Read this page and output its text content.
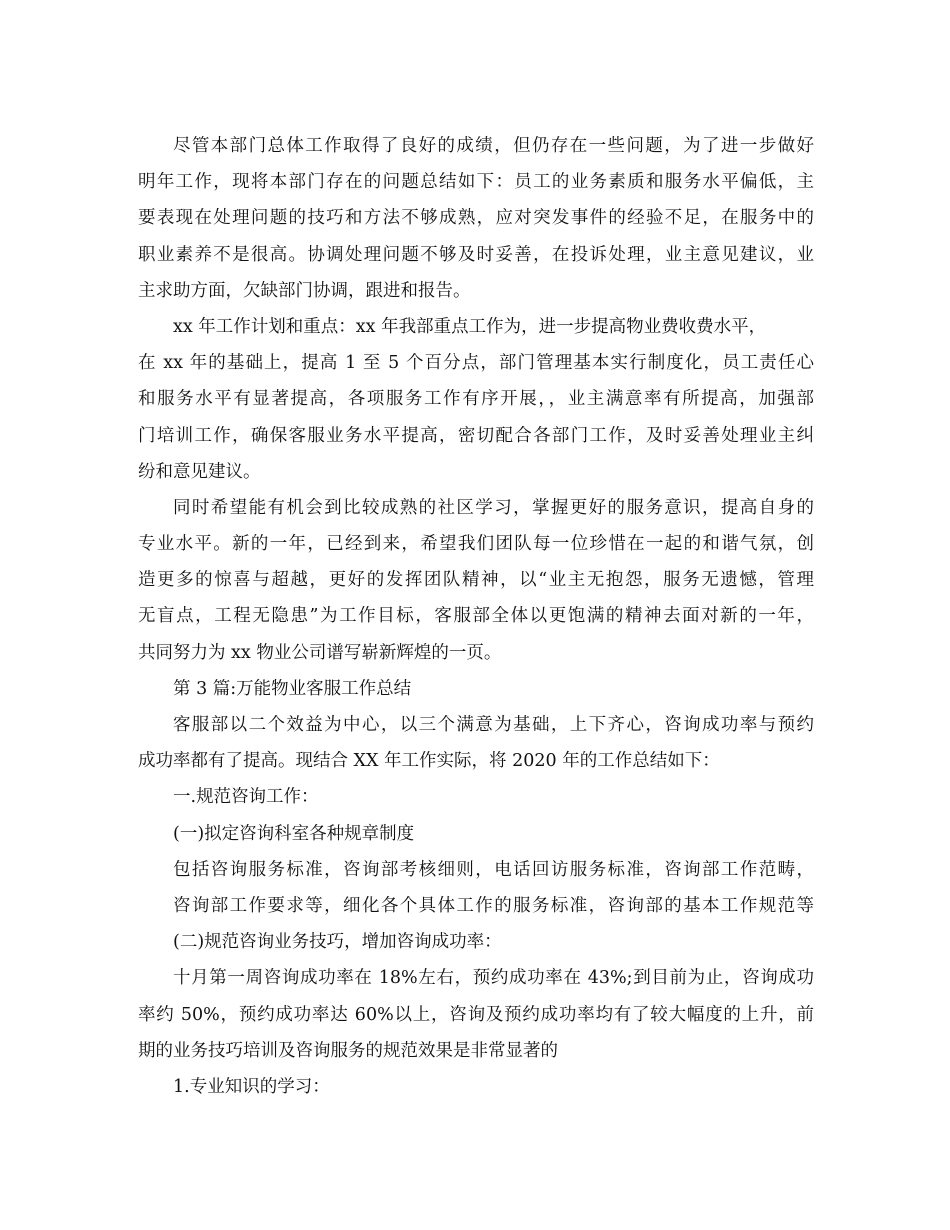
尽管本部门总体工作取得了良好的成绩，但仍存在一些问题，为了进一步做好
明年工作，现将本部门存在的问题总结如下：员工的业务素质和服务水平偏低，主
要表现在处理问题的技巧和方法不够成熟，应对突发事件的经验不足，在服务中的
职业素养不是很高。协调处理问题不够及时妥善，在投诉处理，业主意见建议，业
主求助方面，欠缺部门协调，跟进和报告。
xx 年工作计划和重点：xx 年我部重点工作为，进一步提高物业费收费水平，
在 xx 年的基础上，提高 1 至 5 个百分点，部门管理基本实行制度化，员工责任心
和服务水平有显著提高，各项服务工作有序开展，，业主满意率有所提高，加强部
门培训工作，确保客服业务水平提高，密切配合各部门工作，及时妥善处理业主纠
纷和意见建议。
同时希望能有机会到比较成熟的社区学习，掌握更好的服务意识，提高自身的
专业水平。新的一年，已经到来，希望我们团队每一位珍惜在一起的和谐气氛，创
造更多的惊喜与超越，更好的发挥团队精神，以“业主无抱怨，服务无遗憾，管理
无盲点，工程无隐患”为工作目标，客服部全体以更饱满的精神去面对新的一年，
共同努力为 xx 物业公司谱写崭新辉煌的一页。
第 3 篇:万能物业客服工作总结
客服部以二个效益为中心，以三个满意为基础，上下齐心，咨询成功率与预约
成功率都有了提高。现结合 XX 年工作实际，将 2020 年的工作总结如下：
一.规范咨询工作：
(一)拟定咨询科室各种规章制度
包括咨询服务标准，咨询部考核细则，电话回访服务标准，咨询部工作范畴，
咨询部工作要求等，细化各个具体工作的服务标准，咨询部的基本工作规范等
(二)规范咨询业务技巧，增加咨询成功率：
十月第一周咨询成功率在 18%左右，预约成功率在 43%;到目前为止，咨询成功
率约 50%，预约成功率达 60%以上，咨询及预约成功率均有了较大幅度的上升，前
期的业务技巧培训及咨询服务的规范效果是非常显著的
1.专业知识的学习：
